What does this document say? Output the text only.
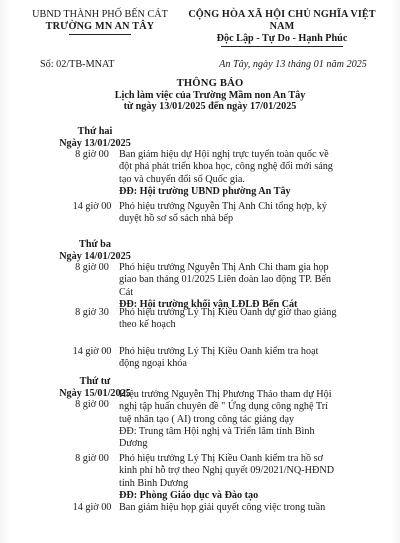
UBND THÀNH PHỐ BẾN CÁT
TRƯỜNG MN AN TÂY
CỘNG HÒA XÃ HỘI CHỦ NGHĨA VIỆT NAM
Độc Lập - Tự Do - Hạnh Phúc
Số: 02/TB-MNAT	An Tây, ngày 13 tháng 01 năm 2025
THÔNG BÁO
Lịch làm việc của Trường Mầm non An Tây
từ ngày 13/01/2025 đến ngày 17/01/2025
Thứ hai
Ngày 13/01/2025
8 giờ 00 Ban giám hiệu dự Hội nghị trực tuyến toàn quốc về đột phá phát triển khoa học, công nghệ đổi mới sáng tạo và chuyển đổi số Quốc gia.
ĐĐ: Hội trường UBND phường An Tây
14 giờ 00 Phó hiệu trưởng Nguyễn Thị Anh Chi tổng hợp, ký duyệt hồ sơ sổ sách nhà bếp
Thứ ba
Ngày 14/01/2025
8 giờ 00 Phó hiệu trưởng Nguyễn Thị Anh Chi tham gia họp giao ban tháng 01/2025 Liên đoàn lao động TP. Bến Cát
ĐĐ: Hội trường khối vận LĐLĐ Bến Cát
8 giờ 30 Phó hiệu trưởng Lý Thị Kiều Oanh dự giờ thao giảng theo kế hoạch
14 giờ 00 Phó hiệu trưởng Lý Thị Kiều Oanh kiểm tra hoạt động ngoại khóa
Thứ tư
Ngày 15/01/2025
8 giờ 00
Hiệu trưởng Nguyễn Thị Phương Thảo tham dự Hội nghị tập huấn chuyên đề " Ứng dụng công nghệ Trí tuệ nhân tạo ( AI) trong công tác giảng dạy
ĐĐ: Trung tâm Hội nghị và Triển lãm tỉnh Bình Dương
8 giờ 00 Phó hiệu trưởng Lý Thị Kiều Oanh kiểm tra hồ sơ kinh phí hỗ trợ theo Nghị quyết 09/2021/NQ-HĐND tỉnh Bình Dương
ĐĐ: Phòng Giáo dục và Đào tạo
14 giờ 00 Ban giám hiệu họp giải quyết công việc trong tuần
